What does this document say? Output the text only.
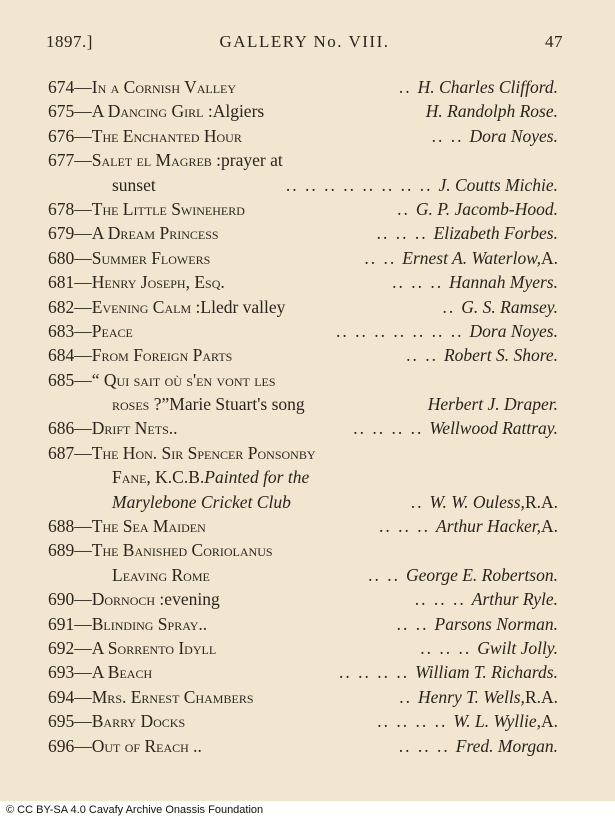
1897.]	GALLERY No. VIII.	47
674— In a Cornish Valley	.. H. Charles Clifford.
675— A Dancing Girl : Algiers	H. Randolph Rose.
676— The Enchanted Hour	.. .. Dora Noyes.
677— Salet el Magreb : prayer at
sunset	.. .. .. .. .. .. .. .. J. Coutts Michie.
678— The Little Swineherd	.. G. P. Jacomb-Hood.
679— A Dream Princess	.. .. .. Elizabeth Forbes.
680— Summer Flowers	.. .. Ernest A. Waterlow, A.
681— Henry Joseph, Esq.	.. .. .. Hannah Myers.
682— Evening Calm : Lledr valley	.. G. S. Ramsey.
683— Peace	.. .. .. .. .. .. .. Dora Noyes.
684— From Foreign Parts	.. .. Robert S. Shore.
685— “ Qui sait où s'en vont les
roses ?” Marie Stuart's song	Herbert J. Draper.
686— Drift Nets..	.. .. .. .. Wellwood Rattray.
687— The Hon. Sir Spencer Ponsonby
Fane, K.C.B. Painted for the
Marylebone Cricket Club	.. W. W. Ouless, R.A.
688— The Sea Maiden	.. .. .. Arthur Hacker, A.
689— The Banished Coriolanus
Leaving Rome	.. .. George E. Robertson.
690— Dornoch : evening	.. .. .. Arthur Ryle.
691— Blinding Spray..	.. .. Parsons Norman.
692— A Sorrento Idyll	.. .. .. Gwilt Jolly.
693— A Beach	.. .. .. .. William T. Richards.
694— Mrs. Ernest Chambers	.. Henry T. Wells, R.A.
695— Barry Docks	.. .. .. .. W. L. Wyllie, A.
696— Out of Reach ..	.. .. .. Fred. Morgan.
© CC BY-SA 4.0 Cavafy Archive Onassis Foundation
